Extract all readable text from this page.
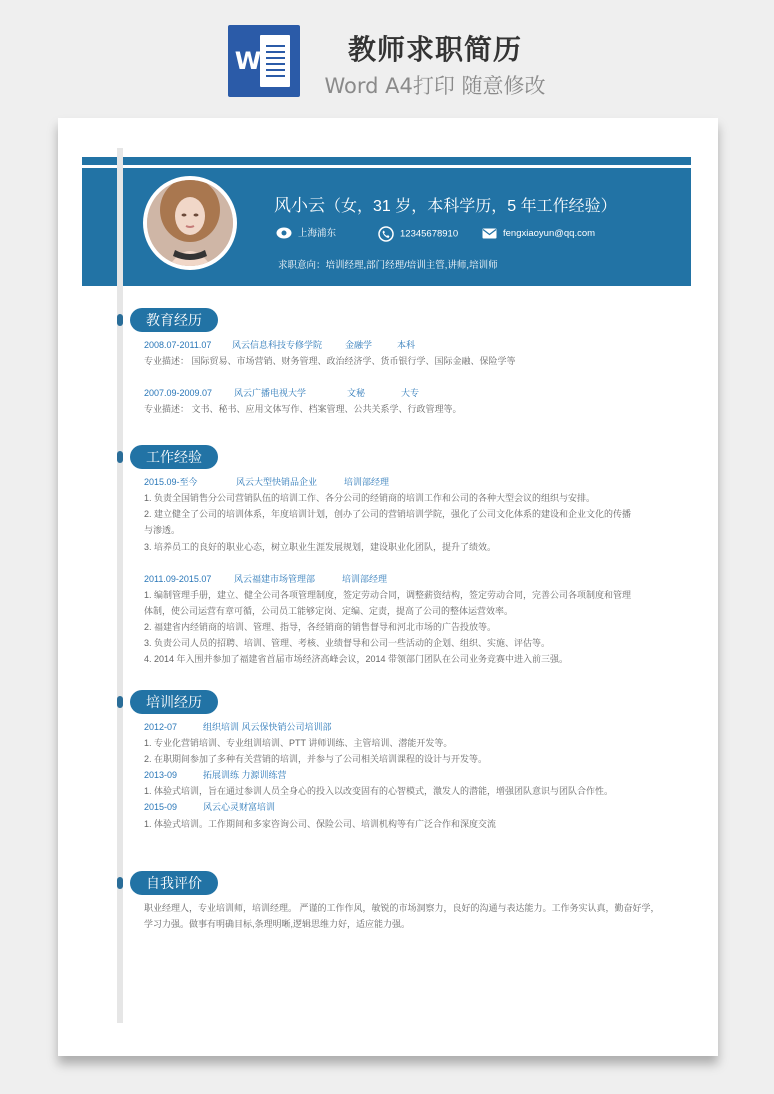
W	教师求职简历
Word A4打印 随意修改
风小云（女，31 岁，本科学历，5 年工作经验）
上海浦东	12345678910	fengxiaoyun@qq.com
求职意向：培训经理,部门经理/培训主管,讲师,培训师
教育经历
2008.07-2011.07 风云信息科技专修学院	金融学	本科
专业描述： 国际贸易、市场营销、财务管理、政治经济学、货币银行学、国际金融、保险学等
2007.09-2009.07 风云广播电视大学	文秘	大专
专业描述： 文书、秘书、应用文体写作、档案管理、公共关系学、行政管理等。
工作经验
2015.09-至今	风云大型快销品企业	培训部经理
1. 负责全国销售分公司营销队伍的培训工作、各分公司的经销商的培训工作和公司的各种大型会议的组织与安排。
2. 建立健全了公司的培训体系，年度培训计划，创办了公司的营销培训学院，强化了公司文化体系的建设和企业文化的传播
与渗透。
3. 培养员工的良好的职业心态，树立职业生涯发展规划，建设职业化团队，提升了绩效。
2011.09-2015.07	风云福建市场管理部	培训部经理
1. 编制管理手册，建立、健全公司各项管理制度，签定劳动合同，调整薪资结构，签定劳动合同，完善公司各项制度和管理
体制，使公司运营有章可循，公司员工能够定岗、定编、定责，提高了公司的整体运营效率。
2. 福建省内经销商的培训、管理、指导，各经销商的销售督导和河北市场的广告投放等。
3. 负责公司人员的招聘、培训、管理、考核、业绩督导和公司一些活动的企划、组织、实施、评估等。
4. 2014 年入围并参加了福建省首届市场经济高峰会议，2014 带领部门团队在公司业务竞赛中进入前三强。
培训经历
2012-07	组织培训 风云保快销公司培训部
1. 专业化营销培训、专业组训培训、PTT 讲师训练、主管培训、潜能开发等。
2. 在职期间参加了多种有关营销的培训，并参与了公司相关培训课程的设计与开发等。
2013-09	拓展训练 力源训练营
1. 体验式培训，旨在通过参训人员全身心的投入以改变固有的心智模式，激发人的潜能，增强团队意识与团队合作性。
2015-09	风云心灵财富培训
1. 体验式培训。工作期间和多家咨询公司、保险公司、培训机构等有广泛合作和深度交流
自我评价
职业经理人，专业培训师，培训经理。 严谨的工作作风，敏锐的市场洞察力，良好的沟通与表达能力。工作务实认真，勤奋好学，
学习力强。做事有明确目标,条理明晰,逻辑思维力好，适应能力强。
